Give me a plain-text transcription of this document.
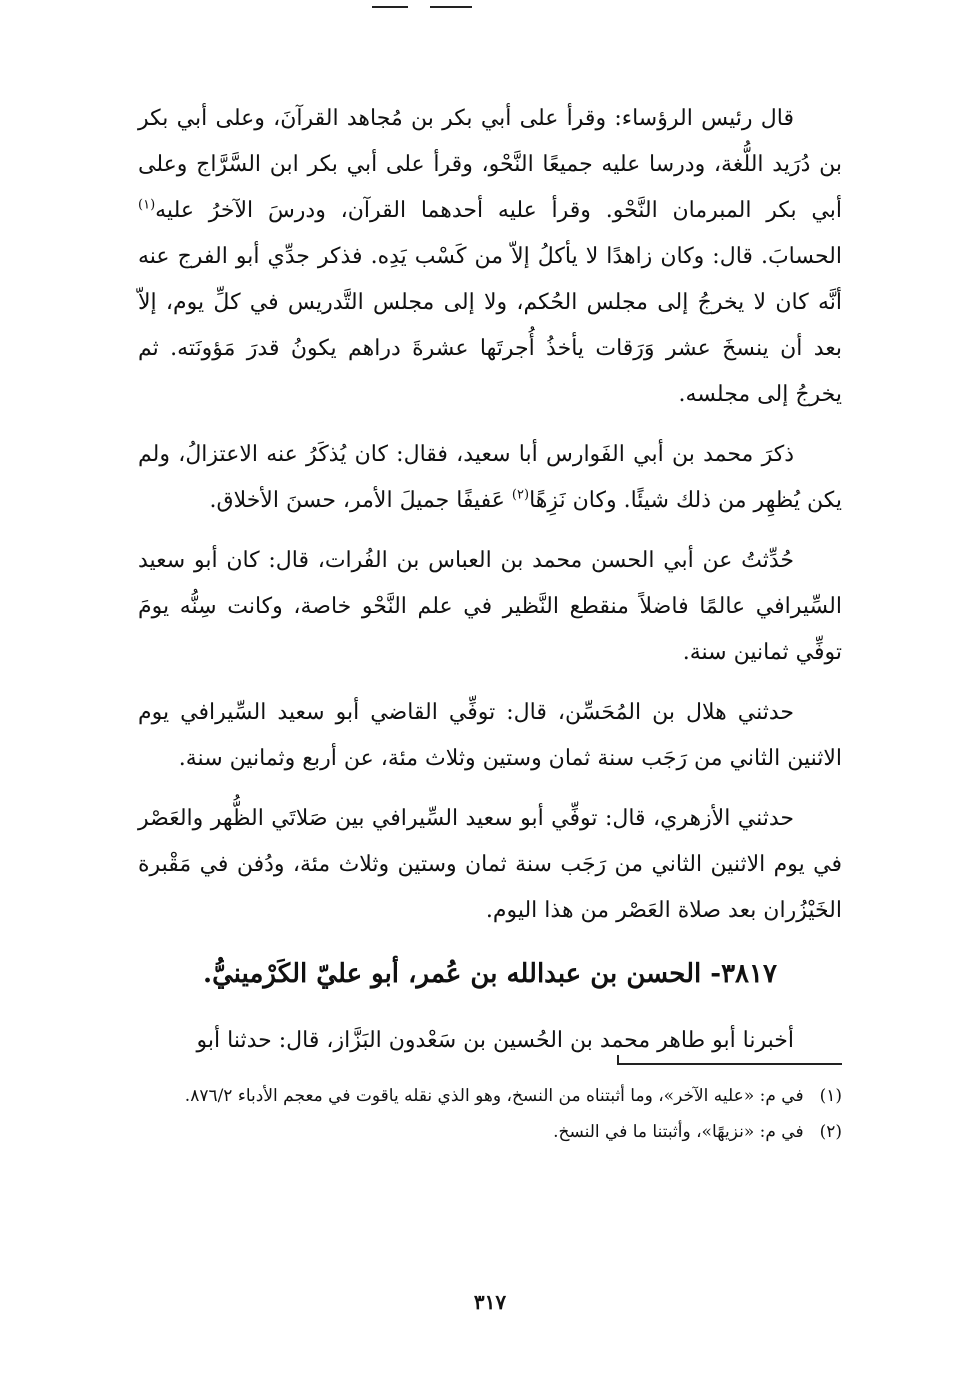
قال رئيس الرؤساء: وقرأ على أبي بكر بن مُجاهد القرآنَ، وعلى أبي بكر بن دُرَيد اللُّغة، ودرسا عليه جميعًا النَّحْو، وقرأ على أبي بكر ابن السَّرَّاج وعلى أبي بكر المبرمان النَّحْو. وقرأ عليه أحدهما القرآن، ودرسَ الآخرُ عليه$^{(١)}$ الحسابَ. قال: وكان زاهدًا لا يأكلُ إلاّ من كَسْب يَدِه. فذكر جدِّي أبو الفرج عنه أنَّه كان لا يخرجُ إلى مجلس الحُكم، ولا إلى مجلس التَّدريس في كلِّ يوم، إلاّ بعد أن ينسخَ عشر وَرَقات يأخذُ أُجرتَها عشرةَ دراهم يكونُ قدرَ مَؤونَته. ثم يخرجُ إلى مجلسه.

ذكرَ محمد بن أبي الفَوارس أبا سعيد، فقال: كان يُذكَرُ عنه الاعتزالُ، ولم يكن يُظهِر من ذلك شيئًا. وكان نَزِهًا$^{(٢)}$ عَفيفًا جميلَ الأمر، حسنَ الأخلاق.

حُدِّثتُ عن أبي الحسن محمد بن العباس بن الفُرات، قال: كان أبو سعيد السِّيرافي عالمًا فاضلاً منقطع النَّظير في علم النَّحْو خاصة، وكانت سِنُّه يومَ توفِّي ثمانين سنة.

حدثني هلال بن المُحَسِّن، قال: توفِّي القاضي أبو سعيد السِّيرافي يوم الاثنين الثاني من رَجَب سنة ثمان وستين وثلاث مئة، عن أربع وثمانين سنة.

حدثني الأزهري، قال: توفِّي أبو سعيد السِّيرافي بين صَلاتَي الظُّهر والعَصْر في يوم الاثنين الثاني من رَجَب سنة ثمان وستين وثلاث مئة، ودُفن في مَقْبرة الخَيْزُران بعد صلاة العَصْر من هذا اليوم.

٣٨١٧- الحسن بن عبدالله بن عُمر، أبو عليّ الكَرْمينيُّ.

أخبرنا أبو طاهر محمد بن الحُسين بن سَعْدون البَزَّاز، قال: حدثنا أبو

(١)
في م: «عليه الآخر»، وما أثبتناه من النسخ، وهو الذي نقله ياقوت في معجم الأدباء ٨٧٦/٢.
(٢)
في م: «نزيهًا»، وأثبتنا ما في النسخ.
٣١٧
